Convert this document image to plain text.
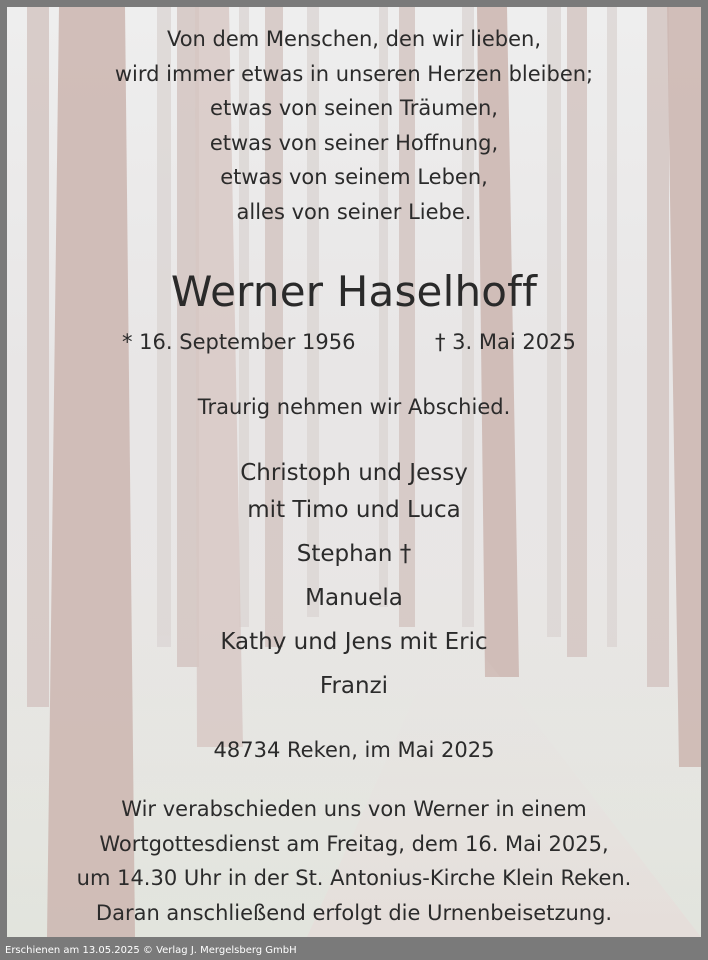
Von dem Menschen, den wir lieben,
wird immer etwas in unseren Herzen bleiben;
etwas von seinen Träumen,
etwas von seiner Hoffnung,
etwas von seinem Leben,
alles von seiner Liebe.
Werner Haselhoff
* 16. September 1956	† 3. Mai 2025
Traurig nehmen wir Abschied.
Christoph und Jessy
mit Timo und Luca
Stephan †
Manuela
Kathy und Jens mit Eric
Franzi
48734 Reken, im Mai 2025
Wir verabschieden uns von Werner in einem
Wortgottesdienst am Freitag, dem 16. Mai 2025,
um 14.30 Uhr in der St. Antonius-Kirche Klein Reken.
Daran anschließend erfolgt die Urnenbeisetzung.
Erschienen am 13.05.2025 © Verlag J. Mergelsberg GmbH
